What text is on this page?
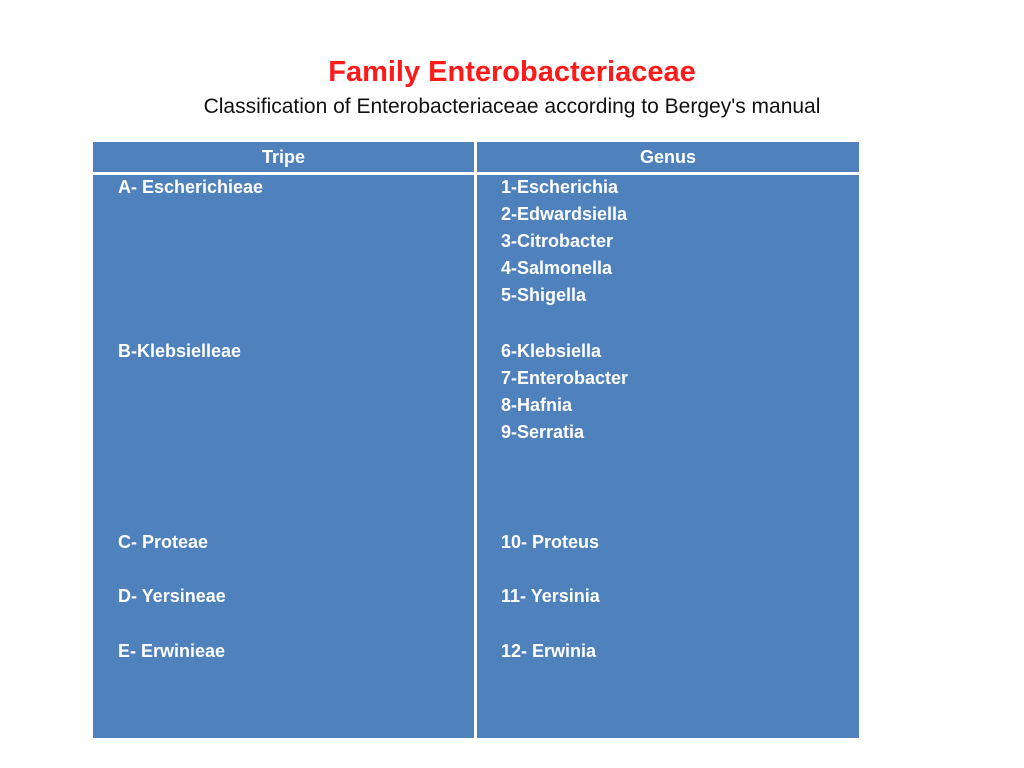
Family Enterobacteriaceae
Classification of Enterobacteriaceae according to Bergey's manual
Tripe	Genus
A- Escherichieae	1-Escherichia
2-Edwardsiella
3-Citrobacter
4-Salmonella
5-Shigella
B-Klebsielleae	6-Klebsiella
7-Enterobacter
8-Hafnia
9-Serratia
C- Proteae	10- Proteus
D- Yersineae	11- Yersinia
E- Erwinieae	12- Erwinia
